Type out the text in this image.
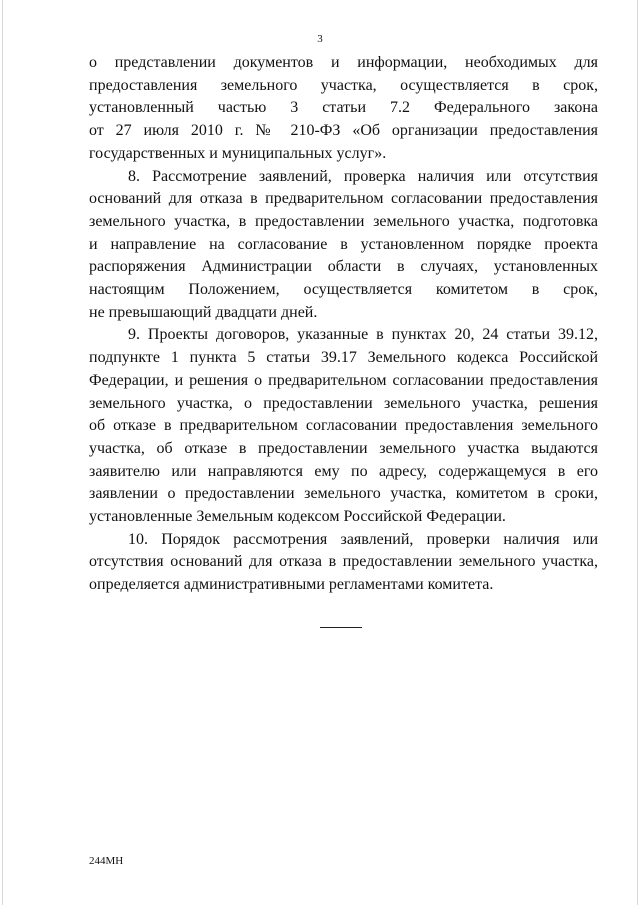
3
о представлении документов и информации, необходимых для
предоставления земельного участка, осуществляется в срок,
установленный частью 3 статьи 7.2 Федерального закона
от 27 июля 2010 г. № 210-ФЗ «Об организации предоставления
государственных и муниципальных услуг».
8. Рассмотрение заявлений, проверка наличия или отсутствия
оснований для отказа в предварительном согласовании предоставления
земельного участка, в предоставлении земельного участка, подготовка
и направление на согласование в установленном порядке проекта
распоряжения Администрации области в случаях, установленных
настоящим Положением, осуществляется комитетом в срок,
не превышающий двадцати дней.
9. Проекты договоров, указанные в пунктах 20, 24 статьи 39.12,
подпункте 1 пункта 5 статьи 39.17 Земельного кодекса Российской
Федерации, и решения о предварительном согласовании предоставления
земельного участка, о предоставлении земельного участка, решения
об отказе в предварительном согласовании предоставления земельного
участка, об отказе в предоставлении земельного участка выдаются
заявителю или направляются ему по адресу, содержащемуся в его
заявлении о предоставлении земельного участка, комитетом в сроки,
установленные Земельным кодексом Российской Федерации.
10. Порядок рассмотрения заявлений, проверки наличия или
отсутствия оснований для отказа в предоставлении земельного участка,
определяется административными регламентами комитета.
244МН
